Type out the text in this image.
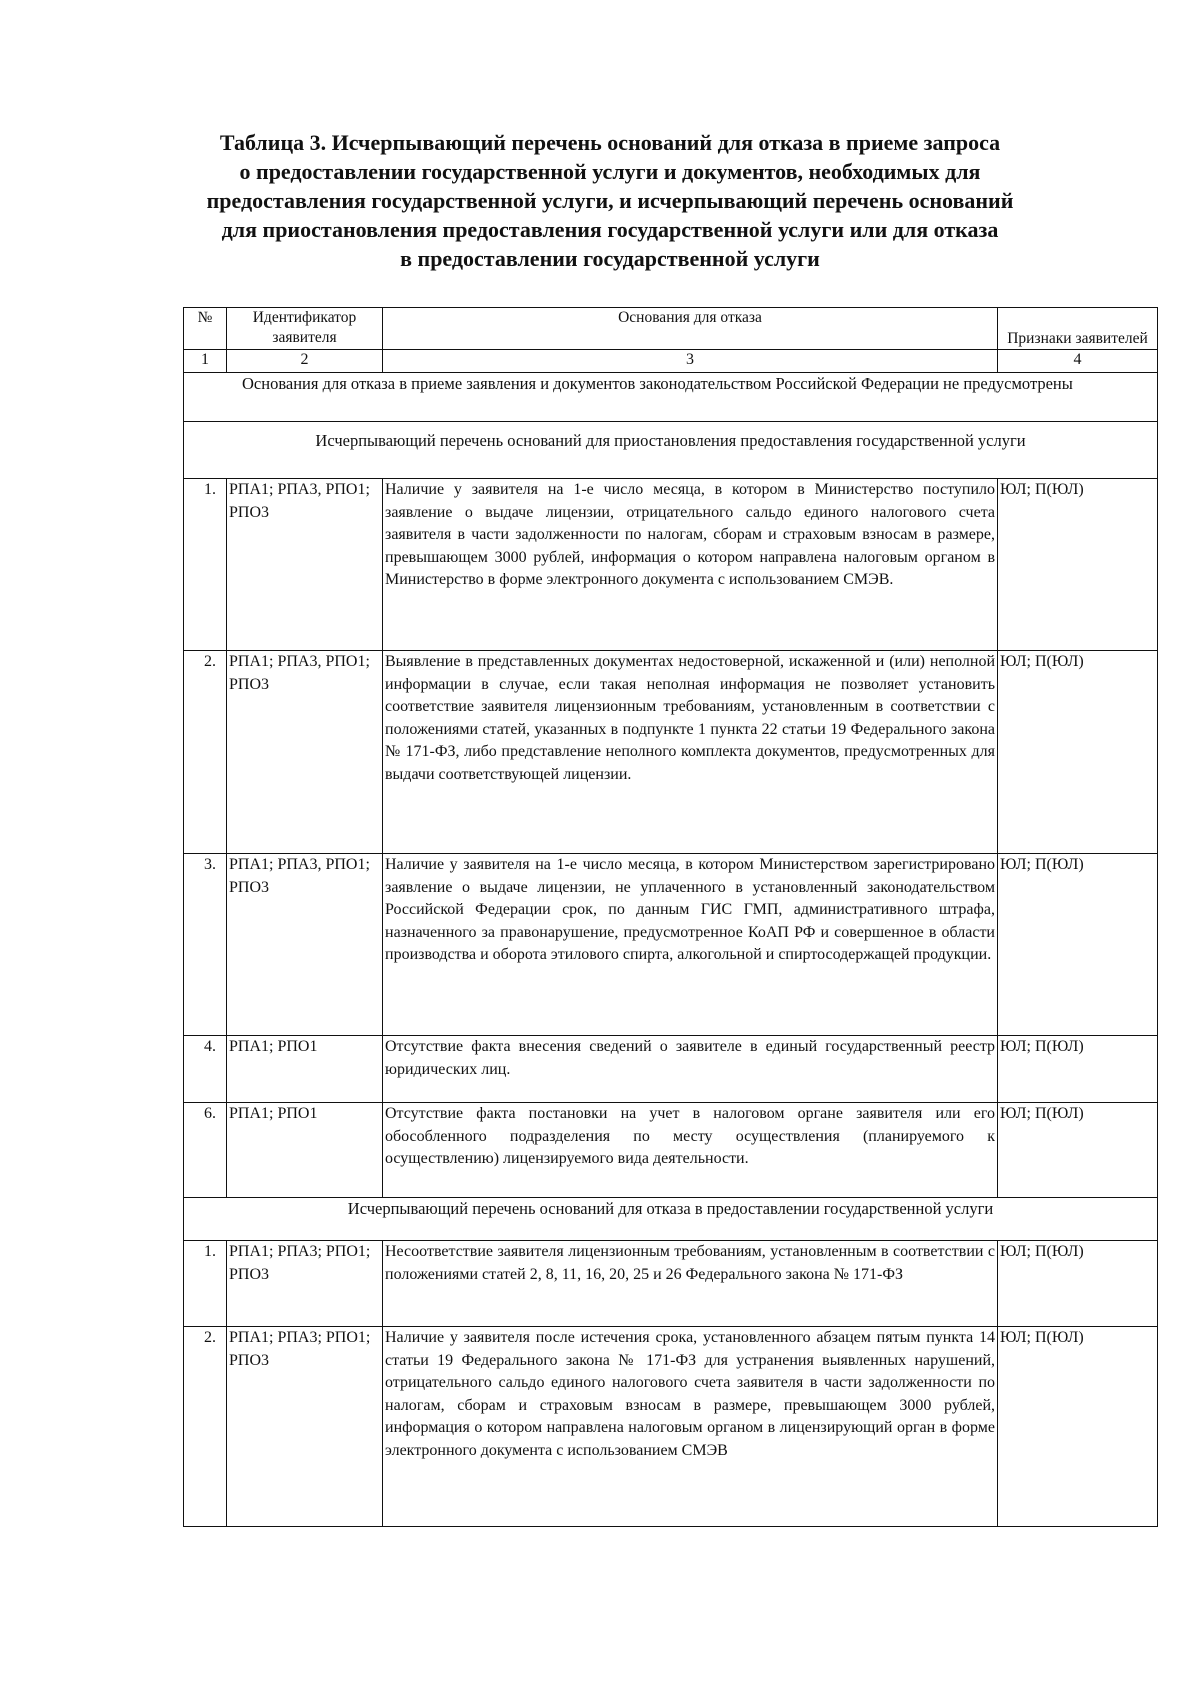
Таблица 3. Исчерпывающий перечень оснований для отказа в приеме запроса
о предоставлении государственной услуги и документов, необходимых для
предоставления государственной услуги, и исчерпывающий перечень оснований
для приостановления предоставления государственной услуги или для отказа
в предоставлении государственной услуги
№	Идентификатор заявителя	Основания для отказа	Признаки заявителей
1	2	3	4
Основания для отказа в приеме заявления и документов законодательством Российской Федерации не предусмотрены			
Исчерпывающий перечень оснований для приостановления предоставления государственной услуги			
1.	РПА1; РПА3, РПО1; РПО3	Наличие у заявителя на 1-е число месяца, в котором в Министерство поступило заявление о выдаче лицензии, отрицательного сальдо единого налогового счета заявителя в части задолженности по налогам, сборам и страховым взносам в размере, превышающем 3000 рублей, информация о котором направлена налоговым органом в Министерство в форме электронного документа с использованием СМЭВ.	ЮЛ; П(ЮЛ)
2.	РПА1; РПА3, РПО1; РПО3	Выявление в представленных документах недостоверной, искаженной и (или) неполной информации в случае, если такая неполная информация не позволяет установить соответствие заявителя лицензионным требованиям, установленным в соответствии с положениями статей, указанных в подпункте 1 пункта 22 статьи 19 Федерального закона № 171-ФЗ, либо представление неполного комплекта документов, предусмотренных для выдачи соответствующей лицензии.	ЮЛ; П(ЮЛ)
3.	РПА1; РПА3, РПО1; РПО3	Наличие у заявителя на 1-е число месяца, в котором Министерством зарегистрировано заявление о выдаче лицензии, не уплаченного в установленный законодательством Российской Федерации срок, по данным ГИС ГМП, административного штрафа, назначенного за правонарушение, предусмотренное КоАП РФ и совершенное в области производства и оборота этилового спирта, алкогольной и спиртосодержащей продукции.	ЮЛ; П(ЮЛ)
4.	РПА1; РПО1	Отсутствие факта внесения сведений о заявителе в единый государственный реестр юридических лиц.	ЮЛ; П(ЮЛ)
6.	РПА1; РПО1	Отсутствие факта постановки на учет в налоговом органе заявителя или его обособленного подразделения по месту осуществления (планируемого к осуществлению) лицензируемого вида деятельности.	ЮЛ; П(ЮЛ)
Исчерпывающий перечень оснований для отказа в предоставлении государственной услуги			
1.	РПА1; РПА3; РПО1; РПО3	Несоответствие заявителя лицензионным требованиям, установленным в соответствии с положениями статей 2, 8, 11, 16, 20, 25 и 26 Федерального закона № 171-ФЗ	ЮЛ; П(ЮЛ)
2.	РПА1; РПА3; РПО1; РПО3	Наличие у заявителя после истечения срока, установленного абзацем пятым пункта 14 статьи 19 Федерального закона № 171-ФЗ для устранения выявленных нарушений, отрицательного сальдо единого налогового счета заявителя в части задолженности по налогам, сборам и страховым взносам в размере, превышающем 3000 рублей, информация о котором направлена налоговым органом в лицензирующий орган в форме электронного документа с использованием СМЭВ	ЮЛ; П(ЮЛ)
